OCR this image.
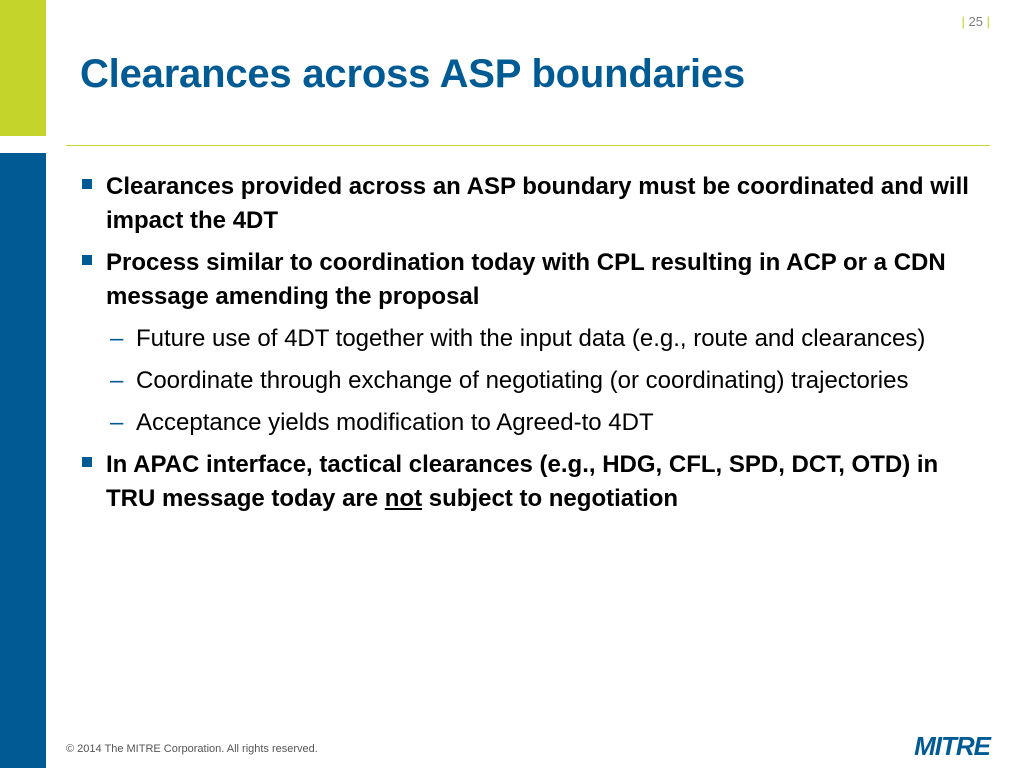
| 25 |
Clearances across ASP boundaries
Clearances provided across an ASP boundary must be coordinated and will impact the 4DT
Process similar to coordination today with CPL resulting in ACP or a CDN message amending the proposal
– Future use of 4DT together with the input data (e.g., route and clearances)
– Coordinate through exchange of negotiating (or coordinating) trajectories
– Acceptance yields modification to Agreed-to 4DT
In APAC interface, tactical clearances (e.g., HDG, CFL, SPD, DCT, OTD) in TRU message today are not subject to negotiation
© 2014 The MITRE Corporation. All rights reserved.	MITRE
